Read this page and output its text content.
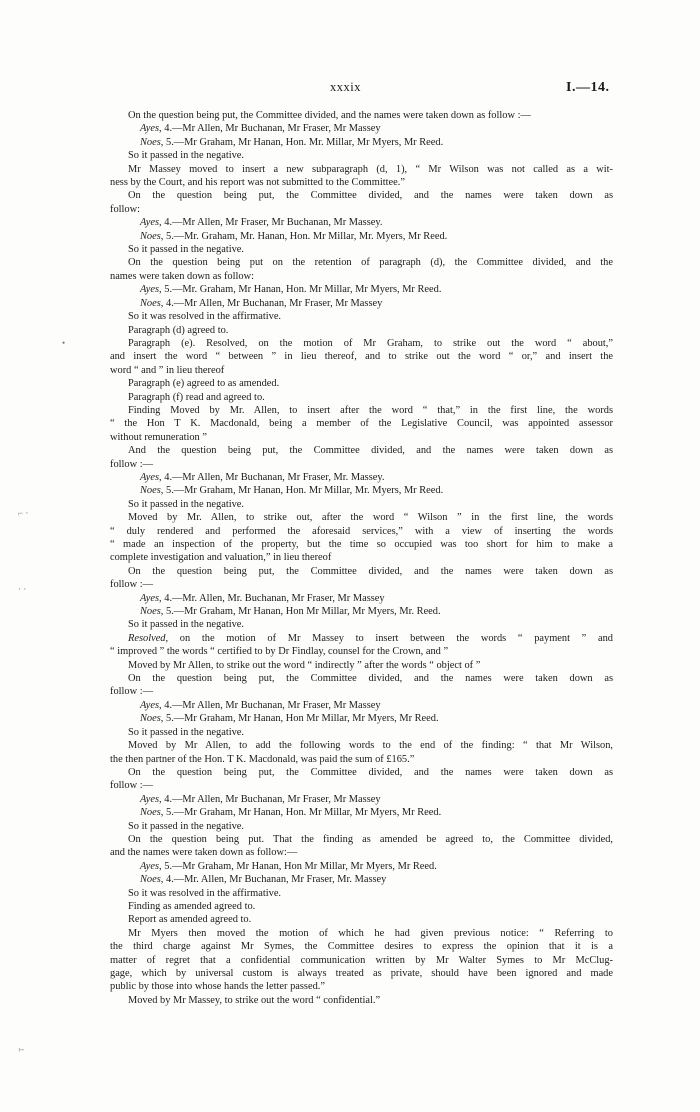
xxxix	I.—14.
⌐ ·
· ·
›-
•
On the question being put, the Committee divided, and the names were taken down as follow :—
Ayes, 4.—Mr Allen, Mr Buchanan, Mr Fraser, Mr Massey
Noes, 5.—Mr Graham, Mr Hanan, Hon. Mr. Millar, Mr Myers, Mr Reed.
So it passed in the negative.
Mr Massey moved to insert a new subparagraph (d, 1), “ Mr Wilson was not called as a wit-
ness by the Court, and his report was not submitted to the Committee.”
On the question being put, the Committee divided, and the names were taken down as
follow:
Ayes, 4.—Mr Allen, Mr Fraser, Mr Buchanan, Mr Massey.
Noes, 5.—Mr. Graham, Mr. Hanan, Hon. Mr Millar, Mr. Myers, Mr Reed.
So it passed in the negative.
On the question being put on the retention of paragraph (d), the Committee divided, and the
names were taken down as follow:
Ayes, 5.—Mr. Graham, Mr Hanan, Hon. Mr Millar, Mr Myers, Mr Reed.
Noes, 4.—Mr Allen, Mr Buchanan, Mr Fraser, Mr Massey
So it was resolved in the affirmative.
Paragraph (d) agreed to.
Paragraph (e). Resolved, on the motion of Mr Graham, to strike out the word “ about,”
and insert the word “ between ” in lieu thereof, and to strike out the word “ or,” and insert the
word “ and ” in lieu thereof
Paragraph (e) agreed to as amended.
Paragraph (f) read and agreed to.
Finding Moved by Mr. Allen, to insert after the word “ that,” in the first line, the words
“ the Hon T K. Macdonald, being a member of the Legislative Council, was appointed assessor
without remuneration ”
And the question being put, the Committee divided, and the names were taken down as
follow :—
Ayes, 4.—Mr Allen, Mr Buchanan, Mr Fraser, Mr. Massey.
Noes, 5.—Mr Graham, Mr Hanan, Hon. Mr Millar, Mr. Myers, Mr Reed.
So it passed in the negative.
Moved by Mr. Allen, to strike out, after the word “ Wilson ” in the first line, the words
“ duly rendered and performed the aforesaid services,” with a view of inserting the words
“ made an inspection of the property, but the time so occupied was too short for him to make a
complete investigation and valuation,” in lieu thereof
On the question being put, the Committee divided, and the names were taken down as
follow :—
Ayes, 4.—Mr. Allen, Mr. Buchanan, Mr Fraser, Mr Massey
Noes, 5.—Mr Graham, Mr Hanan, Hon Mr Millar, Mr Myers, Mr. Reed.
So it passed in the negative.
Resolved, on the motion of Mr Massey to insert between the words “ payment ” and
“ improved ” the words “ certified to by Dr Findlay, counsel for the Crown, and ”
Moved by Mr Allen, to strike out the word “ indirectly ” after the words “ object of ”
On the question being put, the Committee divided, and the names were taken down as
follow :—
Ayes, 4.—Mr Allen, Mr Buchanan, Mr Fraser, Mr Massey
Noes, 5.—Mr Graham, Mr Hanan, Hon Mr Millar, Mr Myers, Mr Reed.
So it passed in the negative.
Moved by Mr Allen, to add the following words to the end of the finding: “ that Mr Wilson,
the then partner of the Hon. T K. Macdonald, was paid the sum of £165.”
On the question being put, the Committee divided, and the names were taken down as
follow :—
Ayes, 4.—Mr Allen, Mr Buchanan, Mr Fraser, Mr Massey
Noes, 5.—Mr Graham, Mr Hanan, Hon. Mr Millar, Mr Myers, Mr Reed.
So it passed in the negative.
On the question being put. That the finding as amended be agreed to, the Committee divided,
and the names were taken down as follow:—
Ayes, 5.—Mr Graham, Mr Hanan, Hon Mr Millar, Mr Myers, Mr Reed.
Noes, 4.—Mr. Allen, Mr Buchanan, Mr Fraser, Mr. Massey
So it was resolved in the affirmative.
Finding as amended agreed to.
Report as amended agreed to.
Mr Myers then moved the motion of which he had given previous notice: “ Referring to
the third charge against Mr Symes, the Committee desires to express the opinion that it is a
matter of regret that a confidential communication written by Mr Walter Symes to Mr McClug-
gage, which by universal custom is always treated as private, should have been ignored and made
public by those into whose hands the letter passed.”
Moved by Mr Massey, to strike out the word “ confidential.”
